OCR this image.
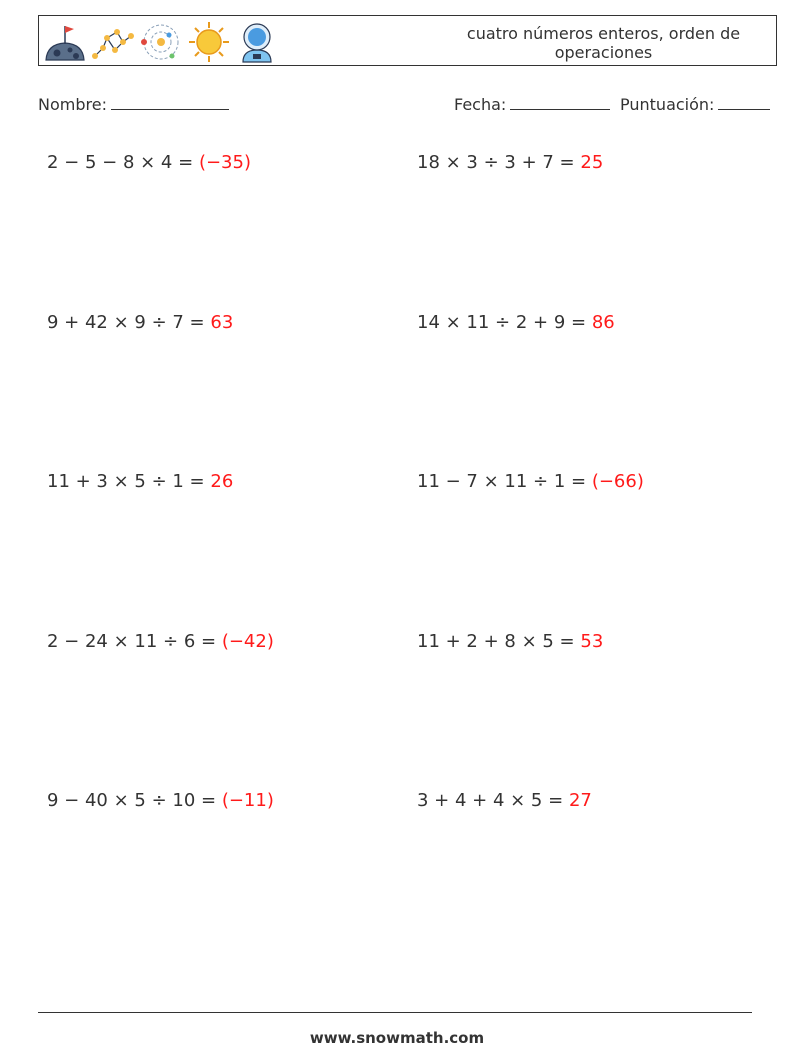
cuatro números enteros, orden de operaciones
Nombre:	Fecha:	Puntuación:
2 − 5 − 8 × 4 = (−35)	18 × 3 ÷ 3 + 7 = 25
9 + 42 × 9 ÷ 7 = 63	14 × 11 ÷ 2 + 9 = 86
11 + 3 × 5 ÷ 1 = 26	11 − 7 × 11 ÷ 1 = (−66)
2 − 24 × 11 ÷ 6 = (−42)	11 + 2 + 8 × 5 = 53
9 − 40 × 5 ÷ 10 = (−11)	3 + 4 + 4 × 5 = 27
www.snowmath.com
